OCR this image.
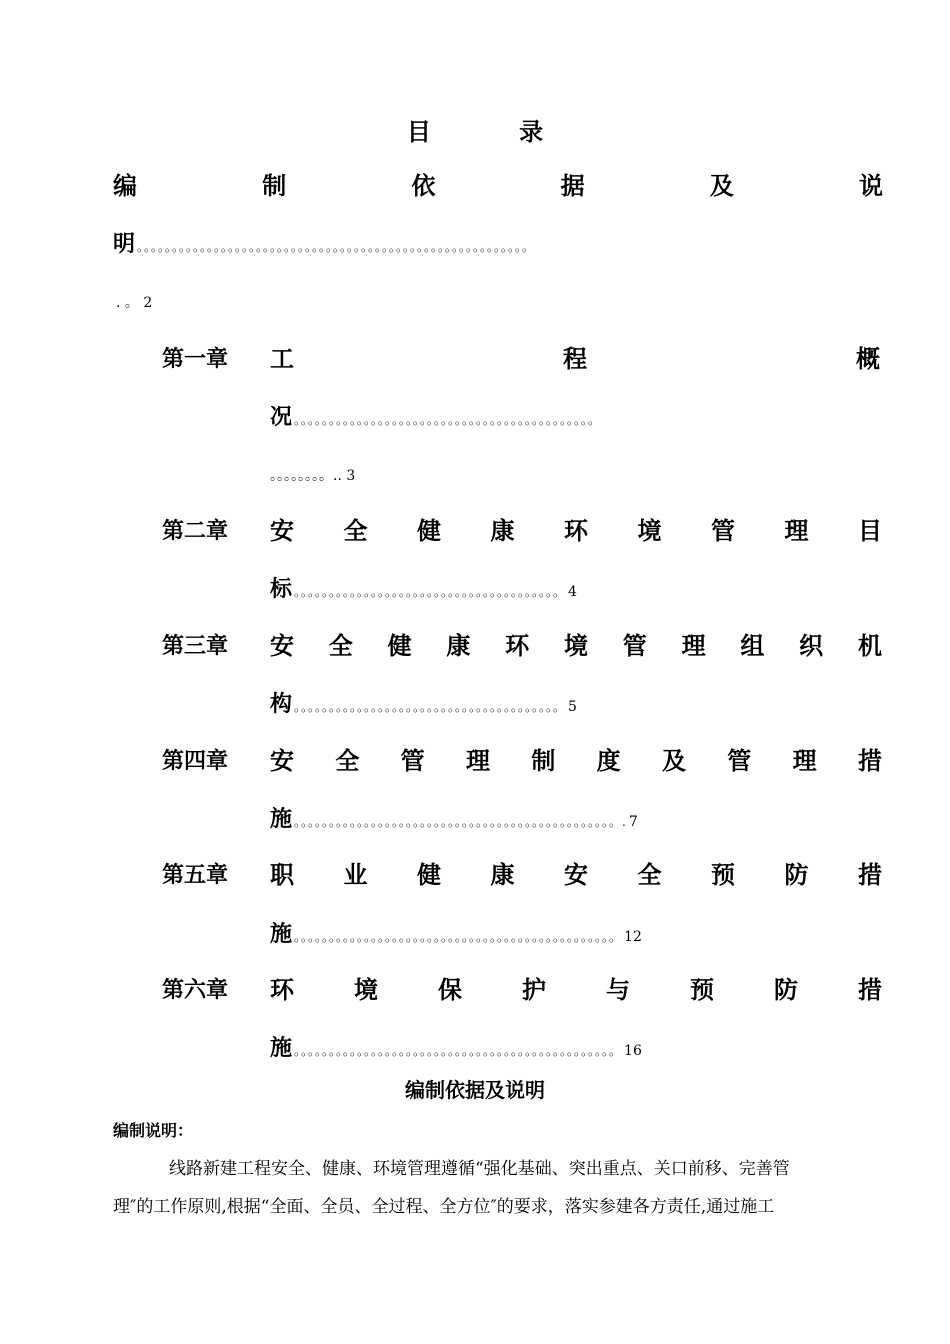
目 录
编	制	依	据	及	说
明 。。。。。。。。。。。。。。。。。。。。。。。。。。。。。。。。。。。。。。。。。。。。。。。。。。。。。。。。
. 。 2
第一章 工	程	概
况 。。。。。。。。。。。。。。。。。。。。。。。。。。。。。。。。。。。。。。。。。。。
。。。。。。。。.. 3
第二章 安 全 健 康 环 境 管 理 目
标 。。。。。。。。。。。。。。。。。。。。。。。。。。。。。。。。。。。。。。 4
第三章 安 全 健 康 环 境 管 理 组 织 机
构 。。。。。。。。。。。。。。。。。。。。。。。。。。。。。。。。。。。。。。 5
第四章 安 全 管 理 制 度 及 管 理 措
施 。。。。。。。。。。。。。。。。。。。。。。。。。。。。。。。。。。。。。。。。。。。。。。. 7
第五章 职 业 健 康 安 全 预 防 措
施 。。。。。。。。。。。。。。。。。。。。。。。。。。。。。。。。。。。。。。。。。。。。。。 12
第六章 环	境	保	护	与	预	防	措
施 。。。。。。。。。。。。。。。。。。。。。。。。。。。。。。。。。。。。。。。。。。。。。。 16
编制依据及说明
编制说明：
线路新建工程安全、健康、环境管理遵循“强化基础、突出重点、关口前移、完善管
理″的工作原则,根据“全面、全员、全过程、全方位″的要求，落实参建各方责任,通过施工
